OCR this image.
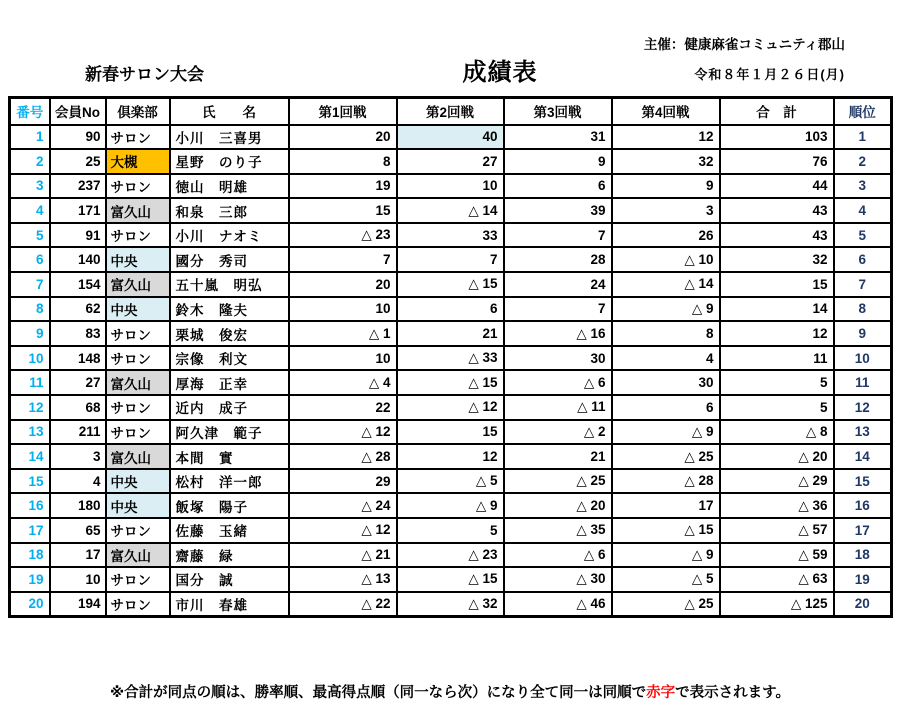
主催：健康麻雀コミュニティ郡山
新春サロン大会	成績表	令和８年１月２６日(月)
番号	会員No	倶楽部	氏　　名	第1回戦	第2回戦	第3回戦	第4回戦	合　計	順位
1	90	サロン	小川　三喜男	20	40	31	12	103	1
2	25	大槻	星野　のり子	8	27	9	32	76	2
3	237	サロン	徳山　明雄	19	10	6	9	44	3
4	171	富久山	和泉　三郎	15	△ 14	39	3	43	4
5	91	サロン	小川　ナオミ	△ 23	33	7	26	43	5
6	140	中央	國分　秀司	7	7	28	△ 10	32	6
7	154	富久山	五十嵐　明弘	20	△ 15	24	△ 14	15	7
8	62	中央	鈴木　隆夫	10	6	7	△ 9	14	8
9	83	サロン	栗城　俊宏	△ 1	21	△ 16	8	12	9
10	148	サロン	宗像　利文	10	△ 33	30	4	11	10
11	27	富久山	厚海　正幸	△ 4	△ 15	△ 6	30	5	11
12	68	サロン	近内　成子	22	△ 12	△ 11	6	5	12
13	211	サロン	阿久津　範子	△ 12	15	△ 2	△ 9	△ 8	13
14	3	富久山	本間　實	△ 28	12	21	△ 25	△ 20	14
15	4	中央	松村　洋一郎	29	△ 5	△ 25	△ 28	△ 29	15
16	180	中央	飯塚　陽子	△ 24	△ 9	△ 20	17	△ 36	16
17	65	サロン	佐藤　玉緒	△ 12	5	△ 35	△ 15	△ 57	17
18	17	富久山	齋藤　緑	△ 21	△ 23	△ 6	△ 9	△ 59	18
19	10	サロン	国分　誠	△ 13	△ 15	△ 30	△ 5	△ 63	19
20	194	サロン	市川　春雄	△ 22	△ 32	△ 46	△ 25	△ 125	20
※合計が同点の順は、勝率順、最高得点順（同一なら次）になり全て同一は同順で赤字で表示されます。
